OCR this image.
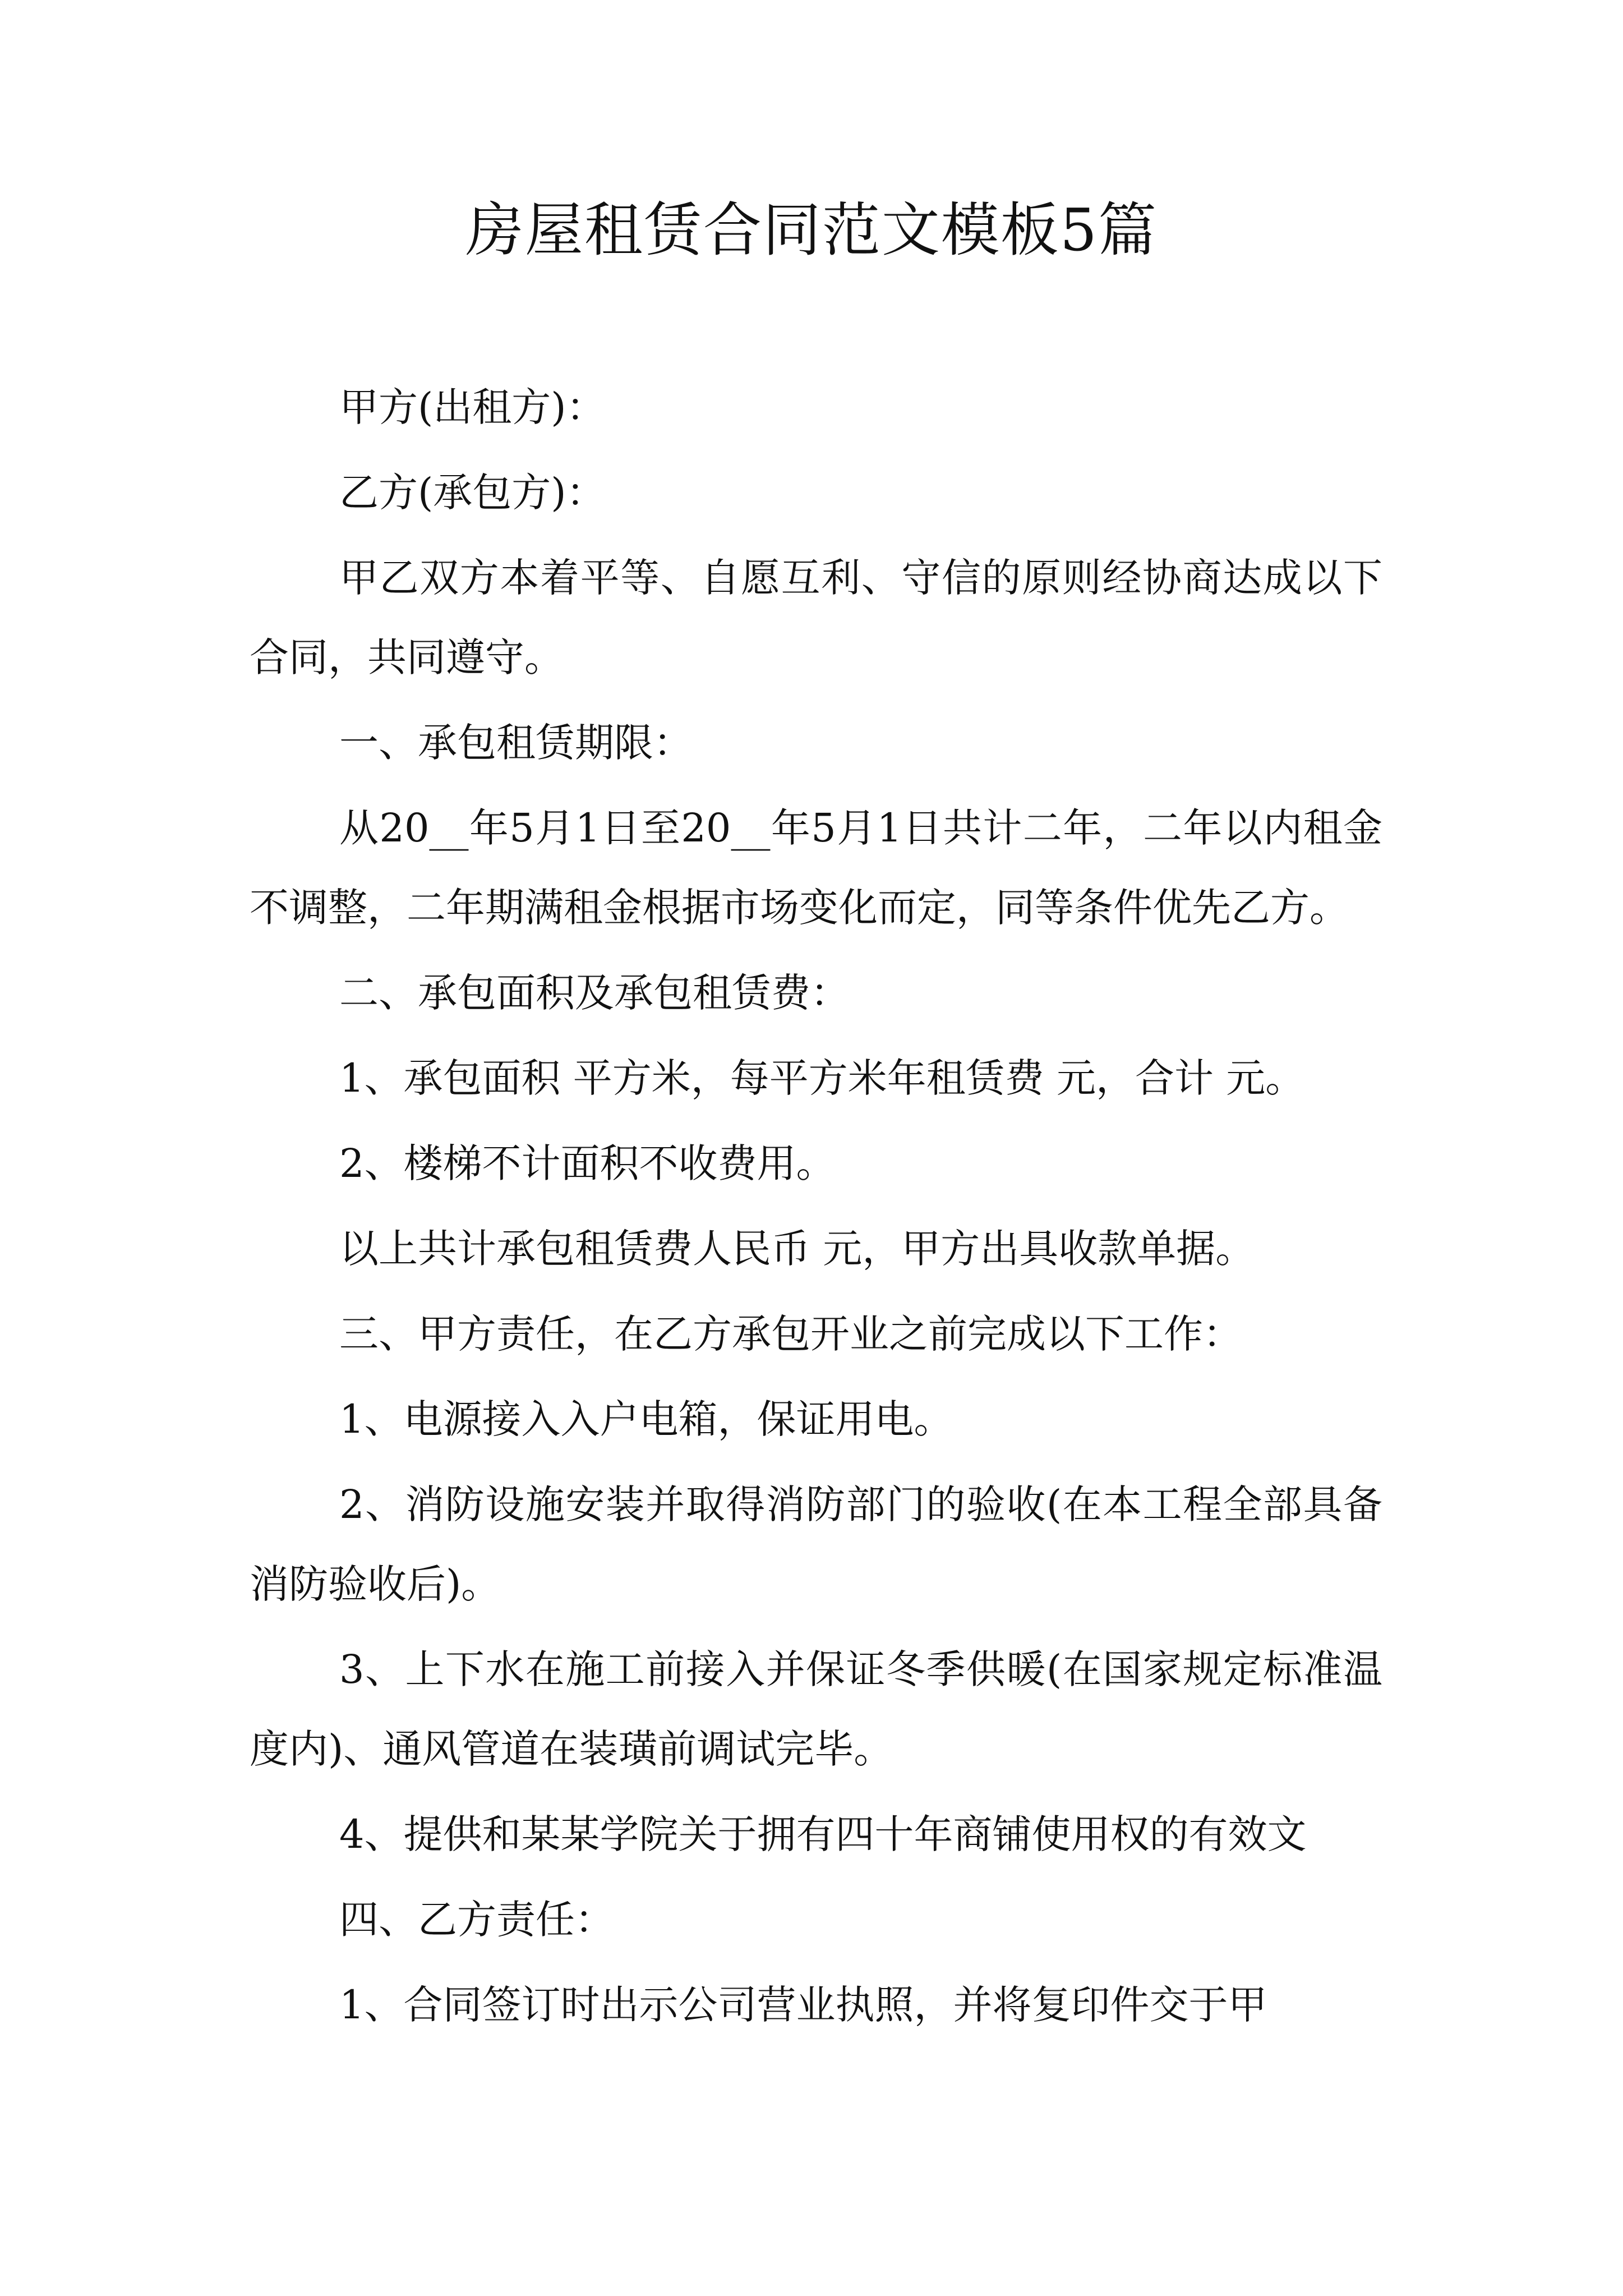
房屋租赁合同范文模板5篇

甲方(出租方)：

乙方(承包方)：

甲乙双方本着平等、自愿互利、守信的原则经协商达成以下合同，共同遵守。

一、承包租赁期限：

从20__年5月1日至20__年5月1日共计二年，二年以内租金不调整，二年期满租金根据市场变化而定，同等条件优先乙方。

二、承包面积及承包租赁费：

1、承包面积 平方米，每平方米年租赁费 元，合计 元。

2、楼梯不计面积不收费用。

以上共计承包租赁费人民币 元，甲方出具收款单据。

三、甲方责任，在乙方承包开业之前完成以下工作：

1、电源接入入户电箱，保证用电。

2、消防设施安装并取得消防部门的验收(在本工程全部具备消防验收后)。

3、上下水在施工前接入并保证冬季供暖(在国家规定标准温度内)、通风管道在装璜前调试完毕。

4、提供和某某学院关于拥有四十年商铺使用权的有效文

四、乙方责任：

1、合同签订时出示公司营业执照，并将复印件交于甲
